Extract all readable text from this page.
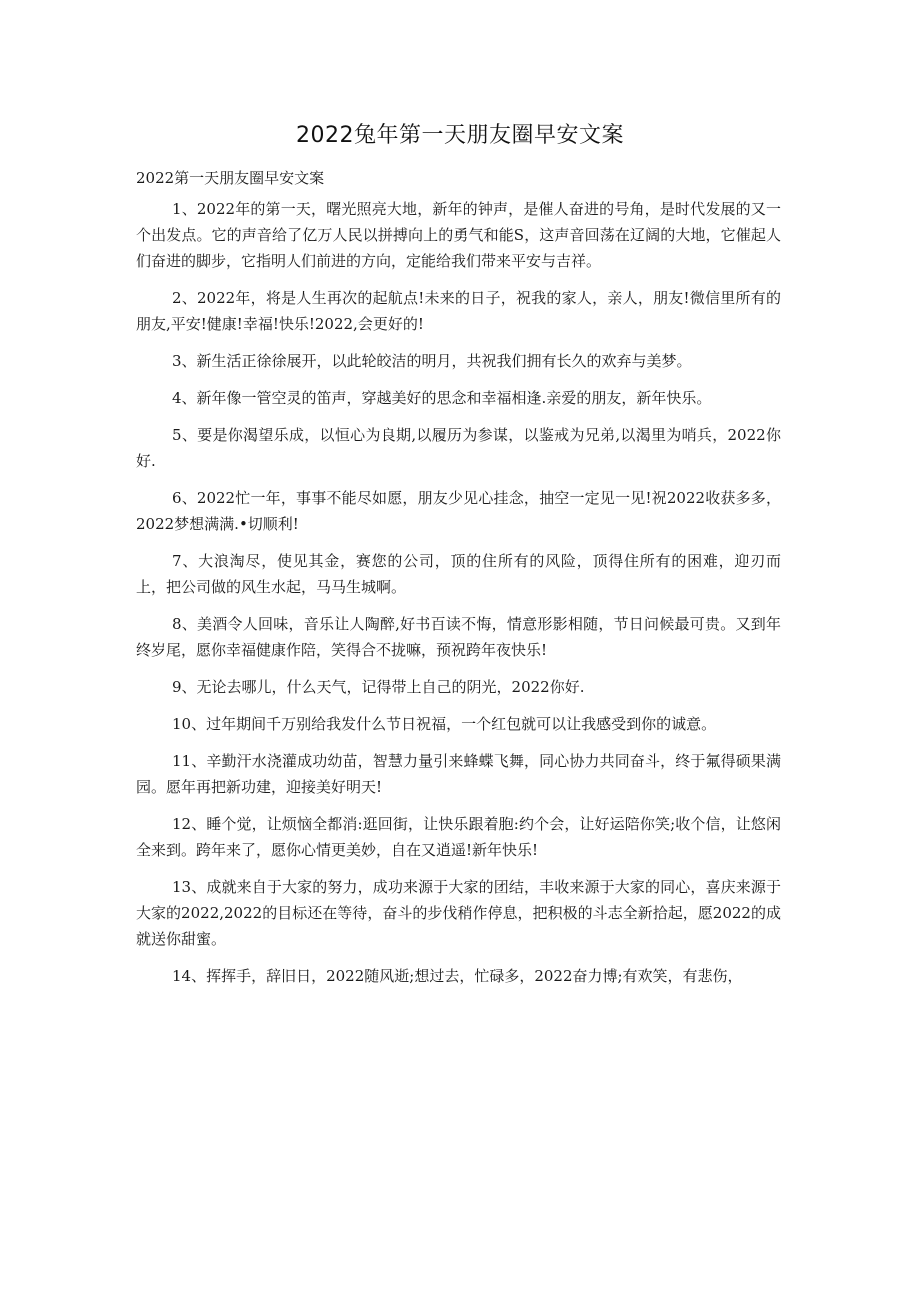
2022兔年第一天朋友圈早安文案

2022第一天朋友圈早安文案

1、2022年的第一天，曙光照亮大地，新年的钟声，是催人奋进的号角，是时代发展的又一个出发点。它的声音给了亿万人民以拼搏向上的勇气和能S，这声音回荡在辽阔的大地，它催起人们奋进的脚步，它指明人们前进的方向，定能给我们带来平安与吉祥。

2、2022年，将是人生再次的起航点!未来的日子，祝我的家人，亲人，朋友!微信里所有的朋友,平安!健康!幸福!快乐!2022,会更好的!

3、新生活正徐徐展开，以此轮皎洁的明月，共祝我们拥有长久的欢弃与美梦。

4、新年像一管空灵的笛声，穿越美好的思念和幸福相逢.亲爱的朋友，新年快乐。

5、要是你渴望乐成，以恒心为良期,以履历为参谋，以鉴戒为兄弟,以渴里为哨兵，2022你好.

6、2022忙一年，事事不能尽如愿，朋友少见心挂念，抽空一定见一见!祝2022收获多多，2022梦想满满.•切顺利!

7、大浪淘尽，使见其金，赛您的公司，顶的住所有的风险，顶得住所有的困难，迎刃而上，把公司做的风生水起，马马生城啊。

8、美酒令人回味，音乐让人陶醉,好书百读不悔，情意形影相随，节日问候最可贵。又到年终岁尾，愿你幸福健康作陪，笑得合不拢嘛，预祝跨年夜快乐!

9、无论去哪儿，什么天气，记得带上自己的阴光，2022你好.

10、过年期间千万别给我发什么节日祝福，一个红包就可以让我感受到你的诚意。

11、辛勤汗水浇灌成功幼苗，智慧力量引来蜂蝶飞舞，同心协力共同奋斗，终于氟得硕果满园。愿年再把新功建，迎接美好明天!

12、睡个觉，让烦恼全都消:逛回街，让快乐跟着胞:约个会，让好运陪你笑;收个信，让悠闲全来到。跨年来了，愿你心情更美妙，自在又逍遥!新年快乐!

13、成就来自于大家的努力，成功来源于大家的团结，丰收来源于大家的同心，喜庆来源于大家的2022,2022的目标还在等待，奋斗的步伐稍作停息，把积极的斗志全新拾起，愿2022的成就送你甜蜜。

14、挥挥手，辞旧日，2022随风逝;想过去，忙碌多，2022奋力博;有欢笑，有悲伤，
